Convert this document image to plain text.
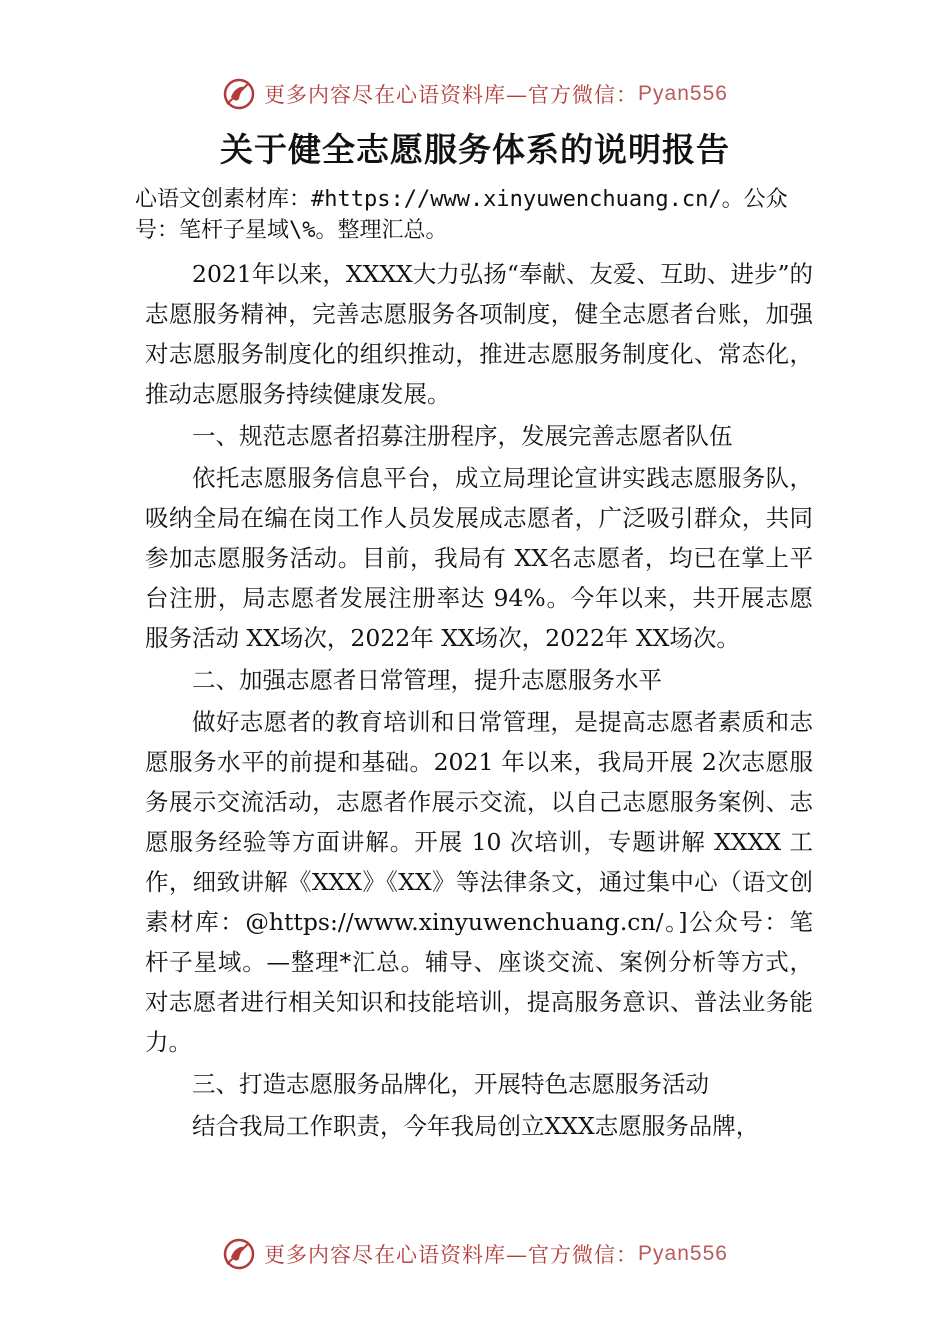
更多内容尽在心语资料库—官方微信： Pyan556
关于健全志愿服务体系的说明报告
心语文创素材库：#https://www.xinyuwenchuang.cn/。公众号：笔杆子星域\%。整理汇总。

2021年以来，XXXX大力弘扬“奉献、友爱、互助、进步”的志愿服务精神，完善志愿服务各项制度，健全志愿者台账，加强对志愿服务制度化的组织推动，推进志愿服务制度化、常态化，推动志愿服务持续健康发展。

一、规范志愿者招募注册程序，发展完善志愿者队伍

依托志愿服务信息平台，成立局理论宣讲实践志愿服务队，吸纳全局在编在岗工作人员发展成志愿者，广泛吸引群众，共同参加志愿服务活动。目前，我局有 XX名志愿者，均已在掌上平台注册，局志愿者发展注册率达 94%。今年以来，共开展志愿服务活动 XX场次，2022年 XX场次，2022年 XX场次。

二、加强志愿者日常管理，提升志愿服务水平

做好志愿者的教育培训和日常管理，是提高志愿者素质和志愿服务水平的前提和基础。2021 年以来，我局开展 2次志愿服务展示交流活动，志愿者作展示交流，以自己志愿服务案例、志愿服务经验等方面讲解。开展 10 次培训，专题讲解 XXXX 工作，细致讲解《XXX》《XX》等法律条文，通过集中心（语文创素材库：@https://www.xinyuwenchuang.cn/。]公众号：笔杆子星域。—整理*汇总。辅导、座谈交流、案例分析等方式，对志愿者进行相关知识和技能培训，提高服务意识、普法业务能力。

三、打造志愿服务品牌化，开展特色志愿服务活动

结合我局工作职责，今年我局创立XXX志愿服务品牌，

更多内容尽在心语资料库—官方微信： Pyan556
